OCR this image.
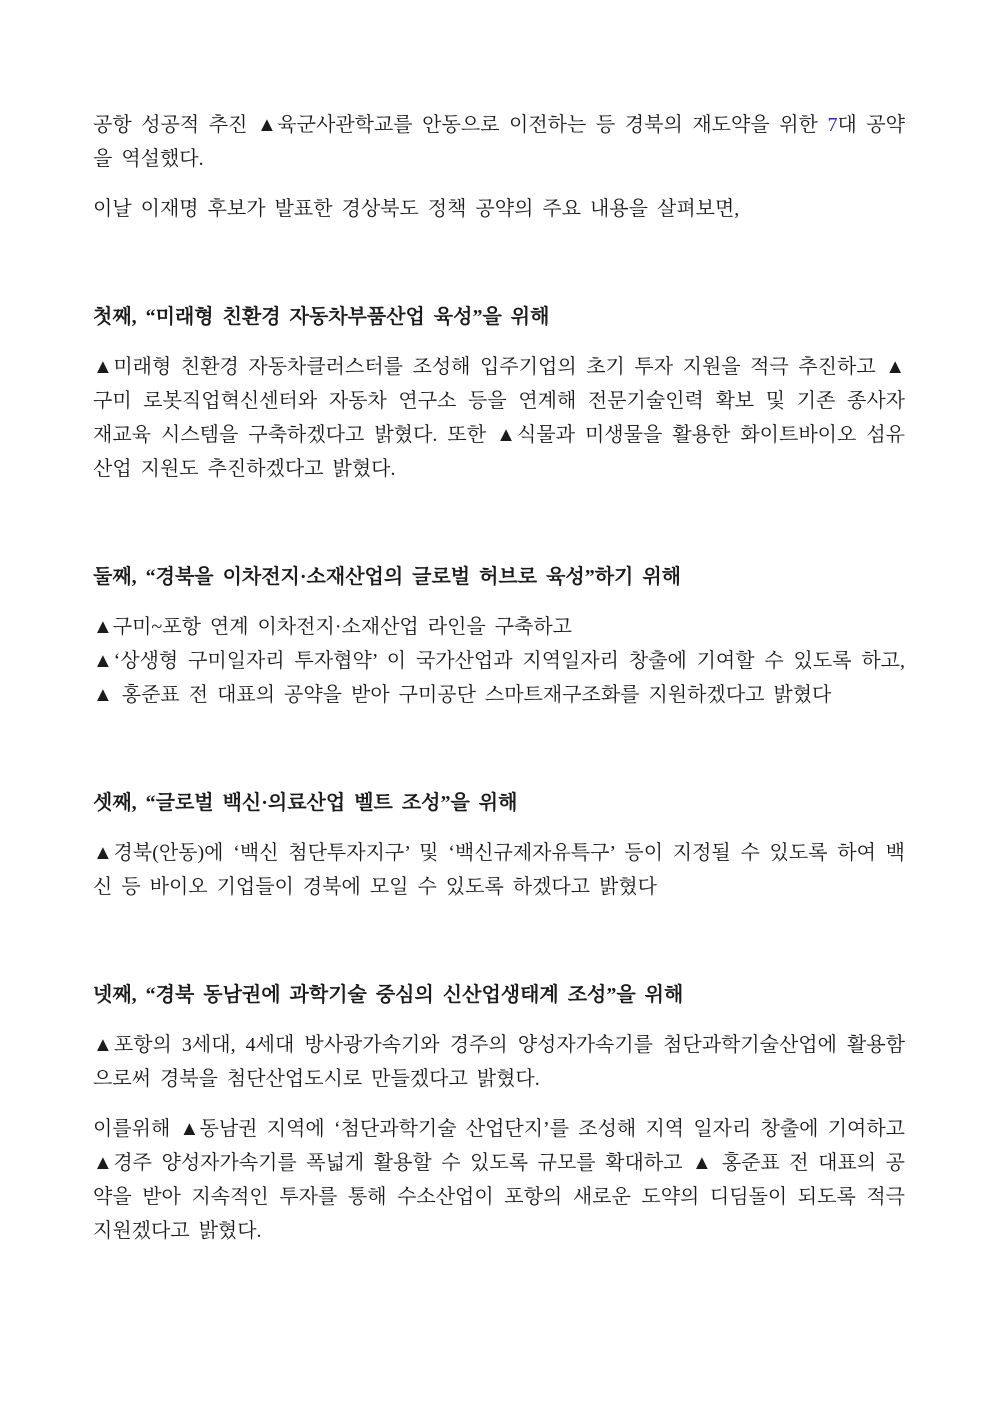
공항 성공적 추진 ▲육군사관학교를 안동으로 이전하는 등 경북의 재도약을 위한 7대 공약을 역설했다.

이날 이재명 후보가 발표한 경상북도 정책 공약의 주요 내용을 살펴보면,

첫째, “미래형 친환경 자동차부품산업 육성”을 위해

▲미래형 친환경 자동차클러스터를 조성해 입주기업의 초기 투자 지원을 적극 추진하고 ▲구미 로봇직업혁신센터와 자동차 연구소 등을 연계해 전문기술인력 확보 및 기존 종사자 재교육 시스템을 구축하겠다고 밝혔다. 또한 ▲식물과 미생물을 활용한 화이트바이오 섬유산업 지원도 추진하겠다고 밝혔다.

둘째, “경북을 이차전지·소재산업의 글로벌 허브로 육성”하기 위해

▲구미~포항 연계 이차전지·소재산업 라인을 구축하고
▲‘상생형 구미일자리 투자협약’ 이 국가산업과 지역일자리 창출에 기여할 수 있도록 하고, ▲ 홍준표 전 대표의 공약을 받아 구미공단 스마트재구조화를 지원하겠다고 밝혔다

셋째, “글로벌 백신·의료산업 벨트 조성”을 위해

▲경북(안동)에 ‘백신 첨단투자지구’ 및 ‘백신규제자유특구’ 등이 지정될 수 있도록 하여 백신 등 바이오 기업들이 경북에 모일 수 있도록 하겠다고 밝혔다

넷째, “경북 동남권에 과학기술 중심의 신산업생태계 조성”을 위해

▲포항의 3세대, 4세대 방사광가속기와 경주의 양성자가속기를 첨단과학기술산업에 활용함으로써 경북을 첨단산업도시로 만들겠다고 밝혔다.

이를위해 ▲동남권 지역에 ‘첨단과학기술 산업단지’를 조성해 지역 일자리 창출에 기여하고 ▲경주 양성자가속기를 폭넓게 활용할 수 있도록 규모를 확대하고 ▲ 홍준표 전 대표의 공약을 받아 지속적인 투자를 통해 수소산업이 포항의 새로운 도약의 디딤돌이 되도록 적극 지원겠다고 밝혔다.
